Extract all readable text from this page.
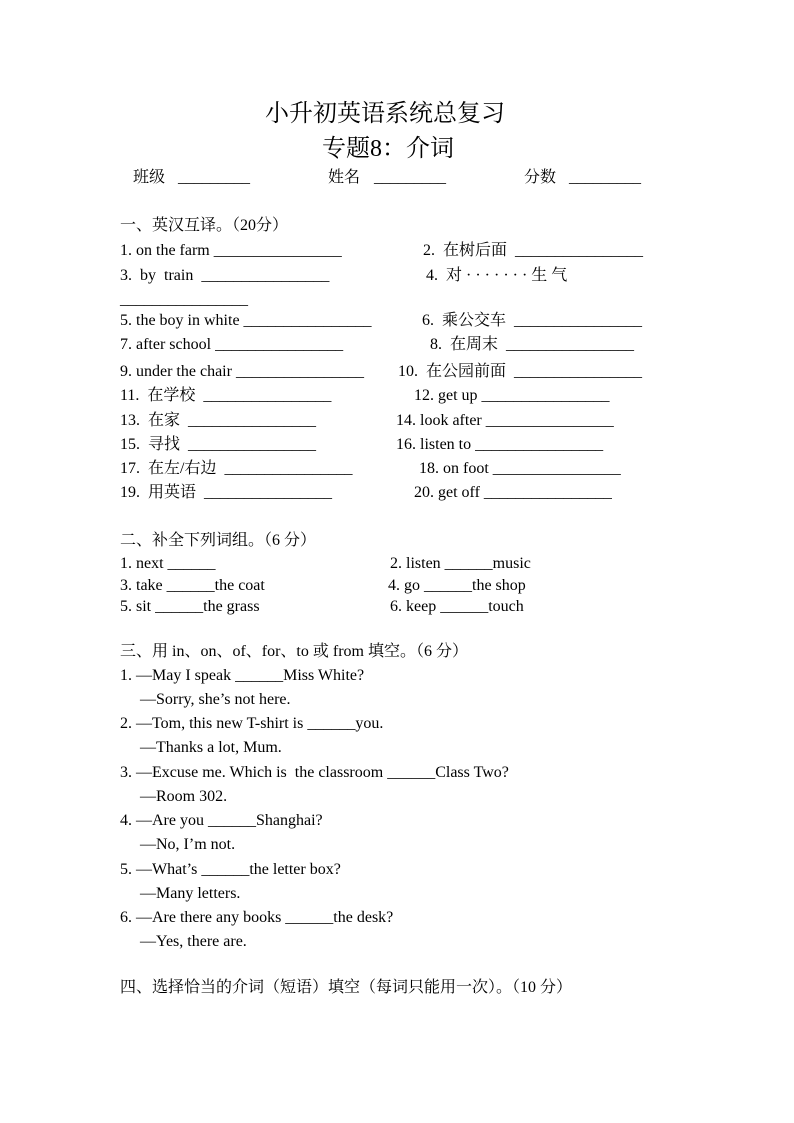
小升初英语系统总复习
专题8：介词
班级 _________	姓名 _________	分数 _________
一、英汉互译。（20分）
1. on the farm ________________	2.  在树后面  ________________
3.  by  train  ________________	4.  对 · · · · · · · 生 气
________________
5. the boy in white ________________	6.  乘公交车  ________________
7. after school ________________	8.  在周末  ________________
9. under the chair ________________ 10.  在公园前面  ________________
11.  在学校  ________________	12. get up ________________
13.  在家  ________________	14. look after ________________
15.  寻找  ________________	16. listen to ________________
17.  在左/右边  ________________	18. on foot ________________
19.  用英语  ________________	20. get off ________________
二、补全下列词组。（6 分）
1. next ______	2. listen ______music
3. take ______the coat	4. go ______the shop
5. sit ______the grass	6. keep ______touch
三、用 in、on、of、for、to 或 from 填空。（6 分）
1. —May I speak ______Miss White?
—Sorry, she’s not here.
2. —Tom, this new T-shirt is ______you.
—Thanks a lot, Mum.
3. —Excuse me. Which is  the classroom ______Class Two?
—Room 302.
4. —Are you ______Shanghai?
—No, I’m not.
5. —What’s ______the letter box?
—Many letters.
6. —Are there any books ______the desk?
—Yes, there are.
四、选择恰当的介词（短语）填空（每词只能用一次）。（10 分）
